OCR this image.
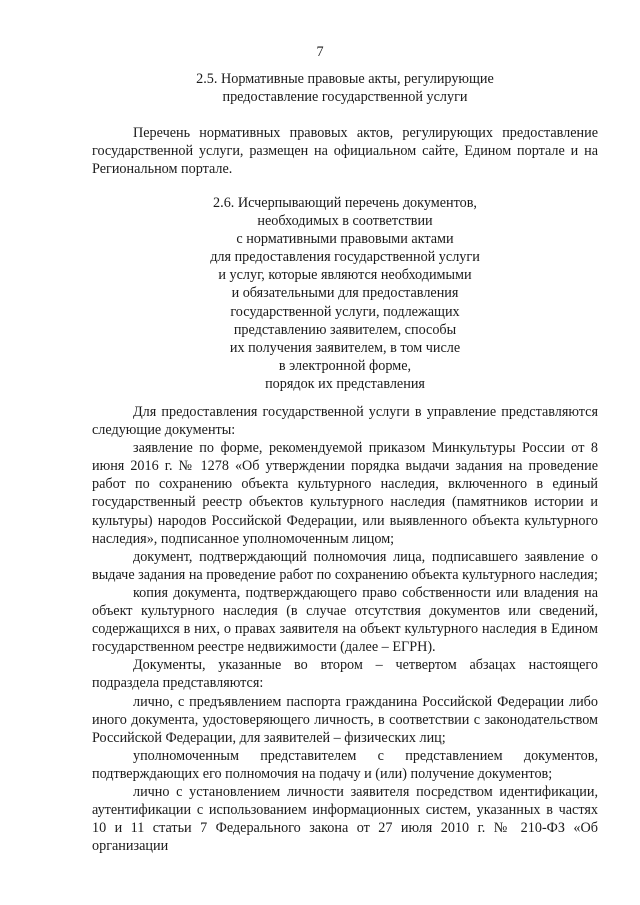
7
2.5. Нормативные правовые акты, регулирующие
предоставление государственной услуги

Перечень нормативных правовых актов, регулирующих предоставление государственной услуги, размещен на официальном сайте, Едином портале и на Региональном портале.

2.6. Исчерпывающий перечень документов,
необходимых в соответствии
с нормативными правовыми актами
для предоставления государственной услуги
и услуг, которые являются необходимыми
и обязательными для предоставления
государственной услуги, подлежащих
представлению заявителем, способы
их получения заявителем, в том числе
в электронной форме,
порядок их представления

Для предоставления государственной услуги в управление представляются следующие документы:

заявление по форме, рекомендуемой приказом Минкультуры России от 8 июня 2016 г. № 1278 «Об утверждении порядка выдачи задания на проведение работ по сохранению объекта культурного наследия, включенного в единый государственный реестр объектов культурного наследия (памятников истории и культуры) народов Российской Федерации, или выявленного объекта культурного наследия», подписанное уполномоченным лицом;

документ, подтверждающий полномочия лица, подписавшего заявление о выдаче задания на проведение работ по сохранению объекта культурного наследия;

копия документа, подтверждающего право собственности или владения на объект культурного наследия (в случае отсутствия документов или сведений, содержащихся в них, о правах заявителя на объект культурного наследия в Едином государственном реестре недвижимости (далее – ЕГРН).

Документы, указанные во втором – четвертом абзацах настоящего подраздела представляются:

лично, с предъявлением паспорта гражданина Российской Федерации либо иного документа, удостоверяющего личность, в соответствии с законодательством Российской Федерации, для заявителей – физических лиц;

уполномоченным представителем с представлением документов, подтверждающих его полномочия на подачу и (или) получение документов;

лично с установлением личности заявителя посредством идентификации, аутентификации с использованием информационных систем, указанных в частях 10 и 11 статьи 7 Федерального закона от 27 июля 2010 г. № 210-ФЗ «Об организации
